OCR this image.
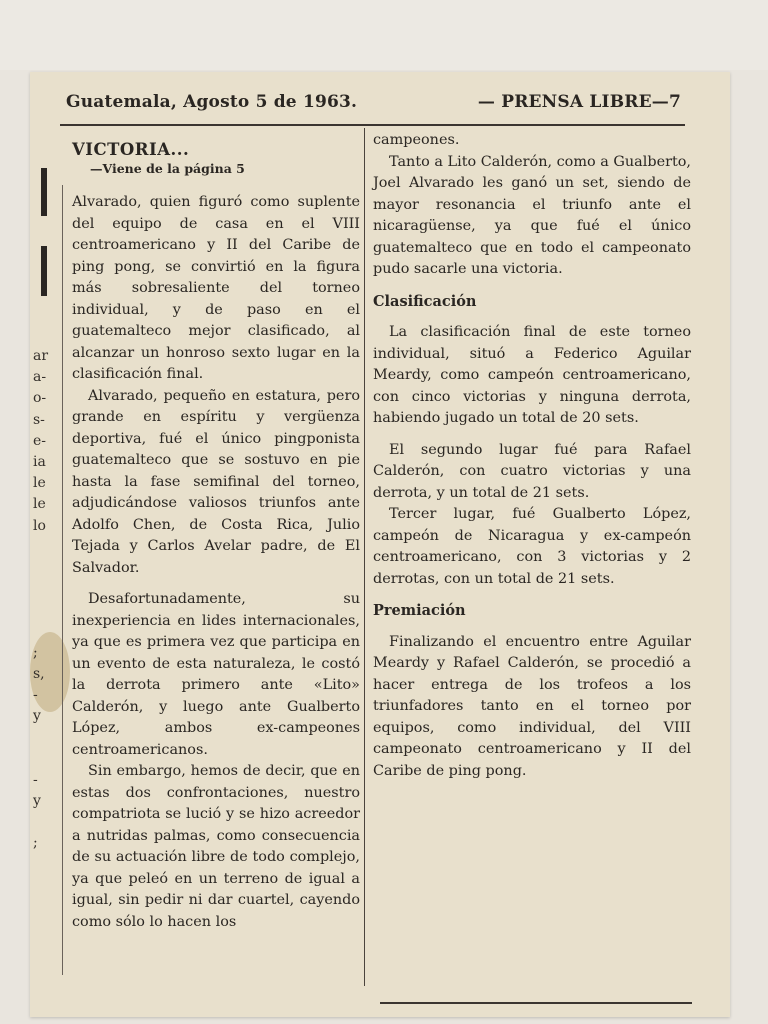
Guatemala, Agosto 5 de 1963.	— PRENSA LIBRE—7
ar
a-
o-
s-
e-
ia
le
le
lo
;
s,
-
y
-
y
;
VICTORIA...
—Viene de la página 5

Alvarado, quien figuró como suplente del equipo de casa en el VIII centroamericano y II del Caribe de ping pong, se convirtió en la figura más sobresaliente del torneo individual, y de paso en el guatemalteco mejor clasificado, al alcanzar un honroso sexto lugar en la clasificación final.

Alvarado, pequeño en estatura, pero grande en espíritu y vergüenza deportiva, fué el único pingponista guatemalteco que se sostuvo en pie hasta la fase semifinal del torneo, adjudicándose valiosos triunfos ante Adolfo Chen, de Costa Rica, Julio Tejada y Carlos Avelar padre, de El Salvador.

Desafortunadamente, su inexperiencia en lides internacionales, ya que es primera vez que participa en un evento de esta naturaleza, le costó la derrota primero ante «Lito» Calderón, y luego ante Gualberto López, ambos ex-campeones centroamericanos.

Sin embargo, hemos de decir, que en estas dos confrontaciones, nuestro compatriota se lució y se hizo acreedor a nutridas palmas, como consecuencia de su actuación libre de todo complejo, ya que peleó en un terreno de igual a igual, sin pedir ni dar cuartel, cayendo como sólo lo hacen los

campeones.

Tanto a Lito Calderón, como a Gualberto, Joel Alvarado les ganó un set, siendo de mayor resonancia el triunfo ante el nicaragüense, ya que fué el único guatemalteco que en todo el campeonato pudo sacarle una victoria.

Clasificación

La clasificación final de este torneo individual, situó a Federico Aguilar Meardy, como campeón centroamericano, con cinco victorias y ninguna derrota, habiendo jugado un total de 20 sets.

El segundo lugar fué para Rafael Calderón, con cuatro victorias y una derrota, y un total de 21 sets.

Tercer lugar, fué Gualberto López, campeón de Nicaragua y ex-campeón centroamericano, con 3 victorias y 2 derrotas, con un total de 21 sets.

Premiación

Finalizando el encuentro entre Aguilar Meardy y Rafael Calderón, se procedió a hacer entrega de los trofeos a los triunfadores tanto en el torneo por equipos, como individual, del VIII campeonato centroamericano y II del Caribe de ping pong.
